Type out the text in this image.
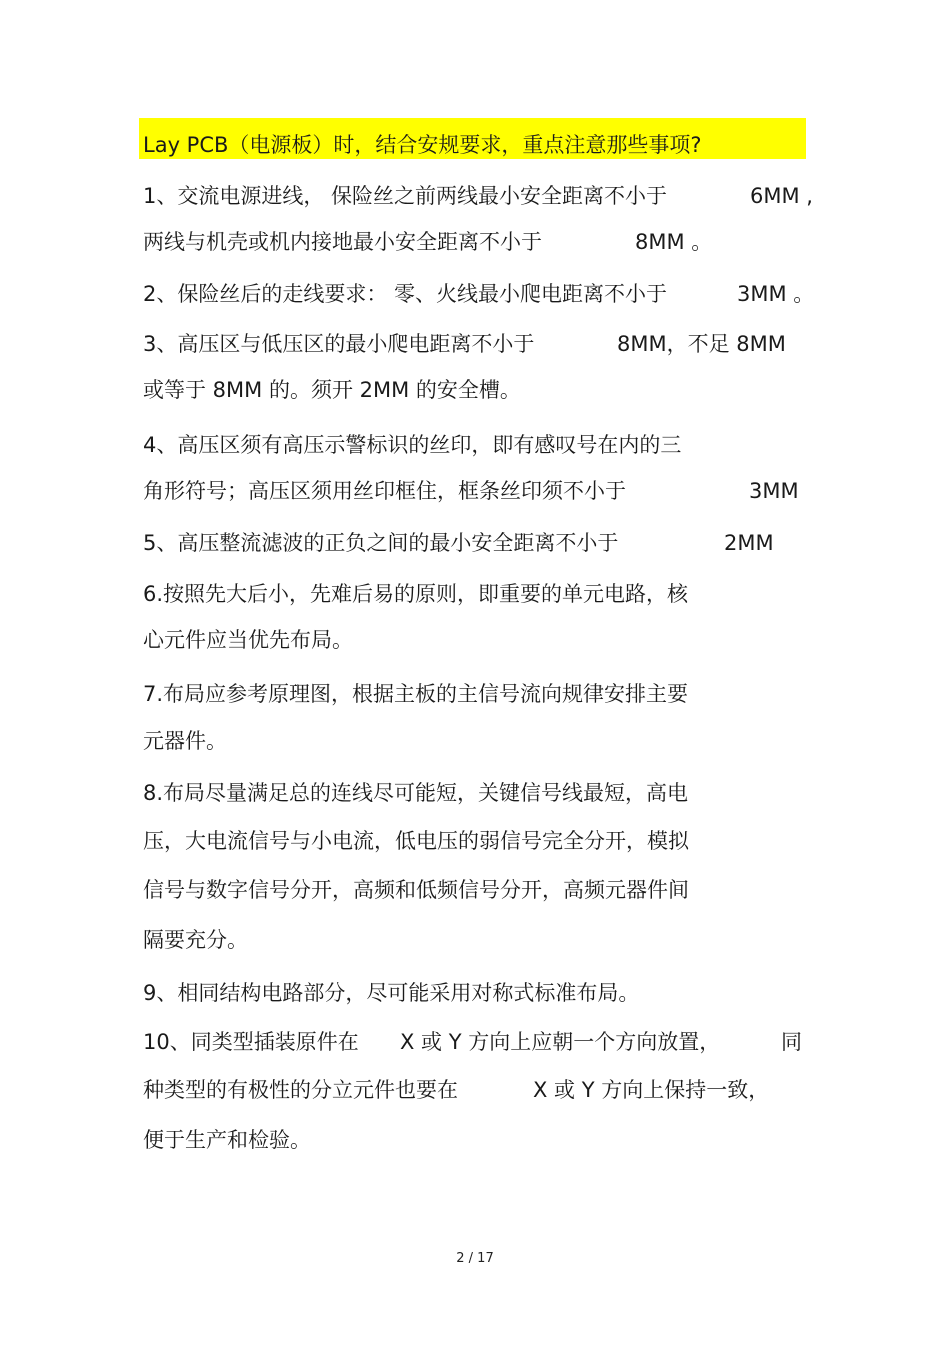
Lay PCB（电源板）时，结合安规要求，重点注意那些事项?
1、交流电源进线， 保险丝之前两线最小安全距离不小于	6MM ,
两线与机壳或机内接地最小安全距离不小于	8MM 。
2、保险丝后的走线要求： 零、火线最小爬电距离不小于	3MM 。
3、高压区与低压区的最小爬电距离不小于	8MM，不足 8MM
或等于 8MM 的。须开 2MM 的安全槽。
4、高压区须有高压示警标识的丝印，即有感叹号在内的三
角形符号；高压区须用丝印框住，框条丝印须不小于	3MM
5、高压整流滤波的正负之间的最小安全距离不小于	2MM
6.按照先大后小，先难后易的原则，即重要的单元电路，核
心元件应当优先布局。
7.布局应参考原理图，根据主板的主信号流向规律安排主要
元器件。
8.布局尽量满足总的连线尽可能短，关键信号线最短，高电
压，大电流信号与小电流，低电压的弱信号完全分开，模拟
信号与数字信号分开，高频和低频信号分开，高频元器件间
隔要充分。
9、相同结构电路部分，尽可能采用对称式标准布局。
10、同类型插装原件在 X 或 Y 方向上应朝一个方向放置，	同
种类型的有极性的分立元件也要在	X 或 Y 方向上保持一致，
便于生产和检验。
2 / 17
